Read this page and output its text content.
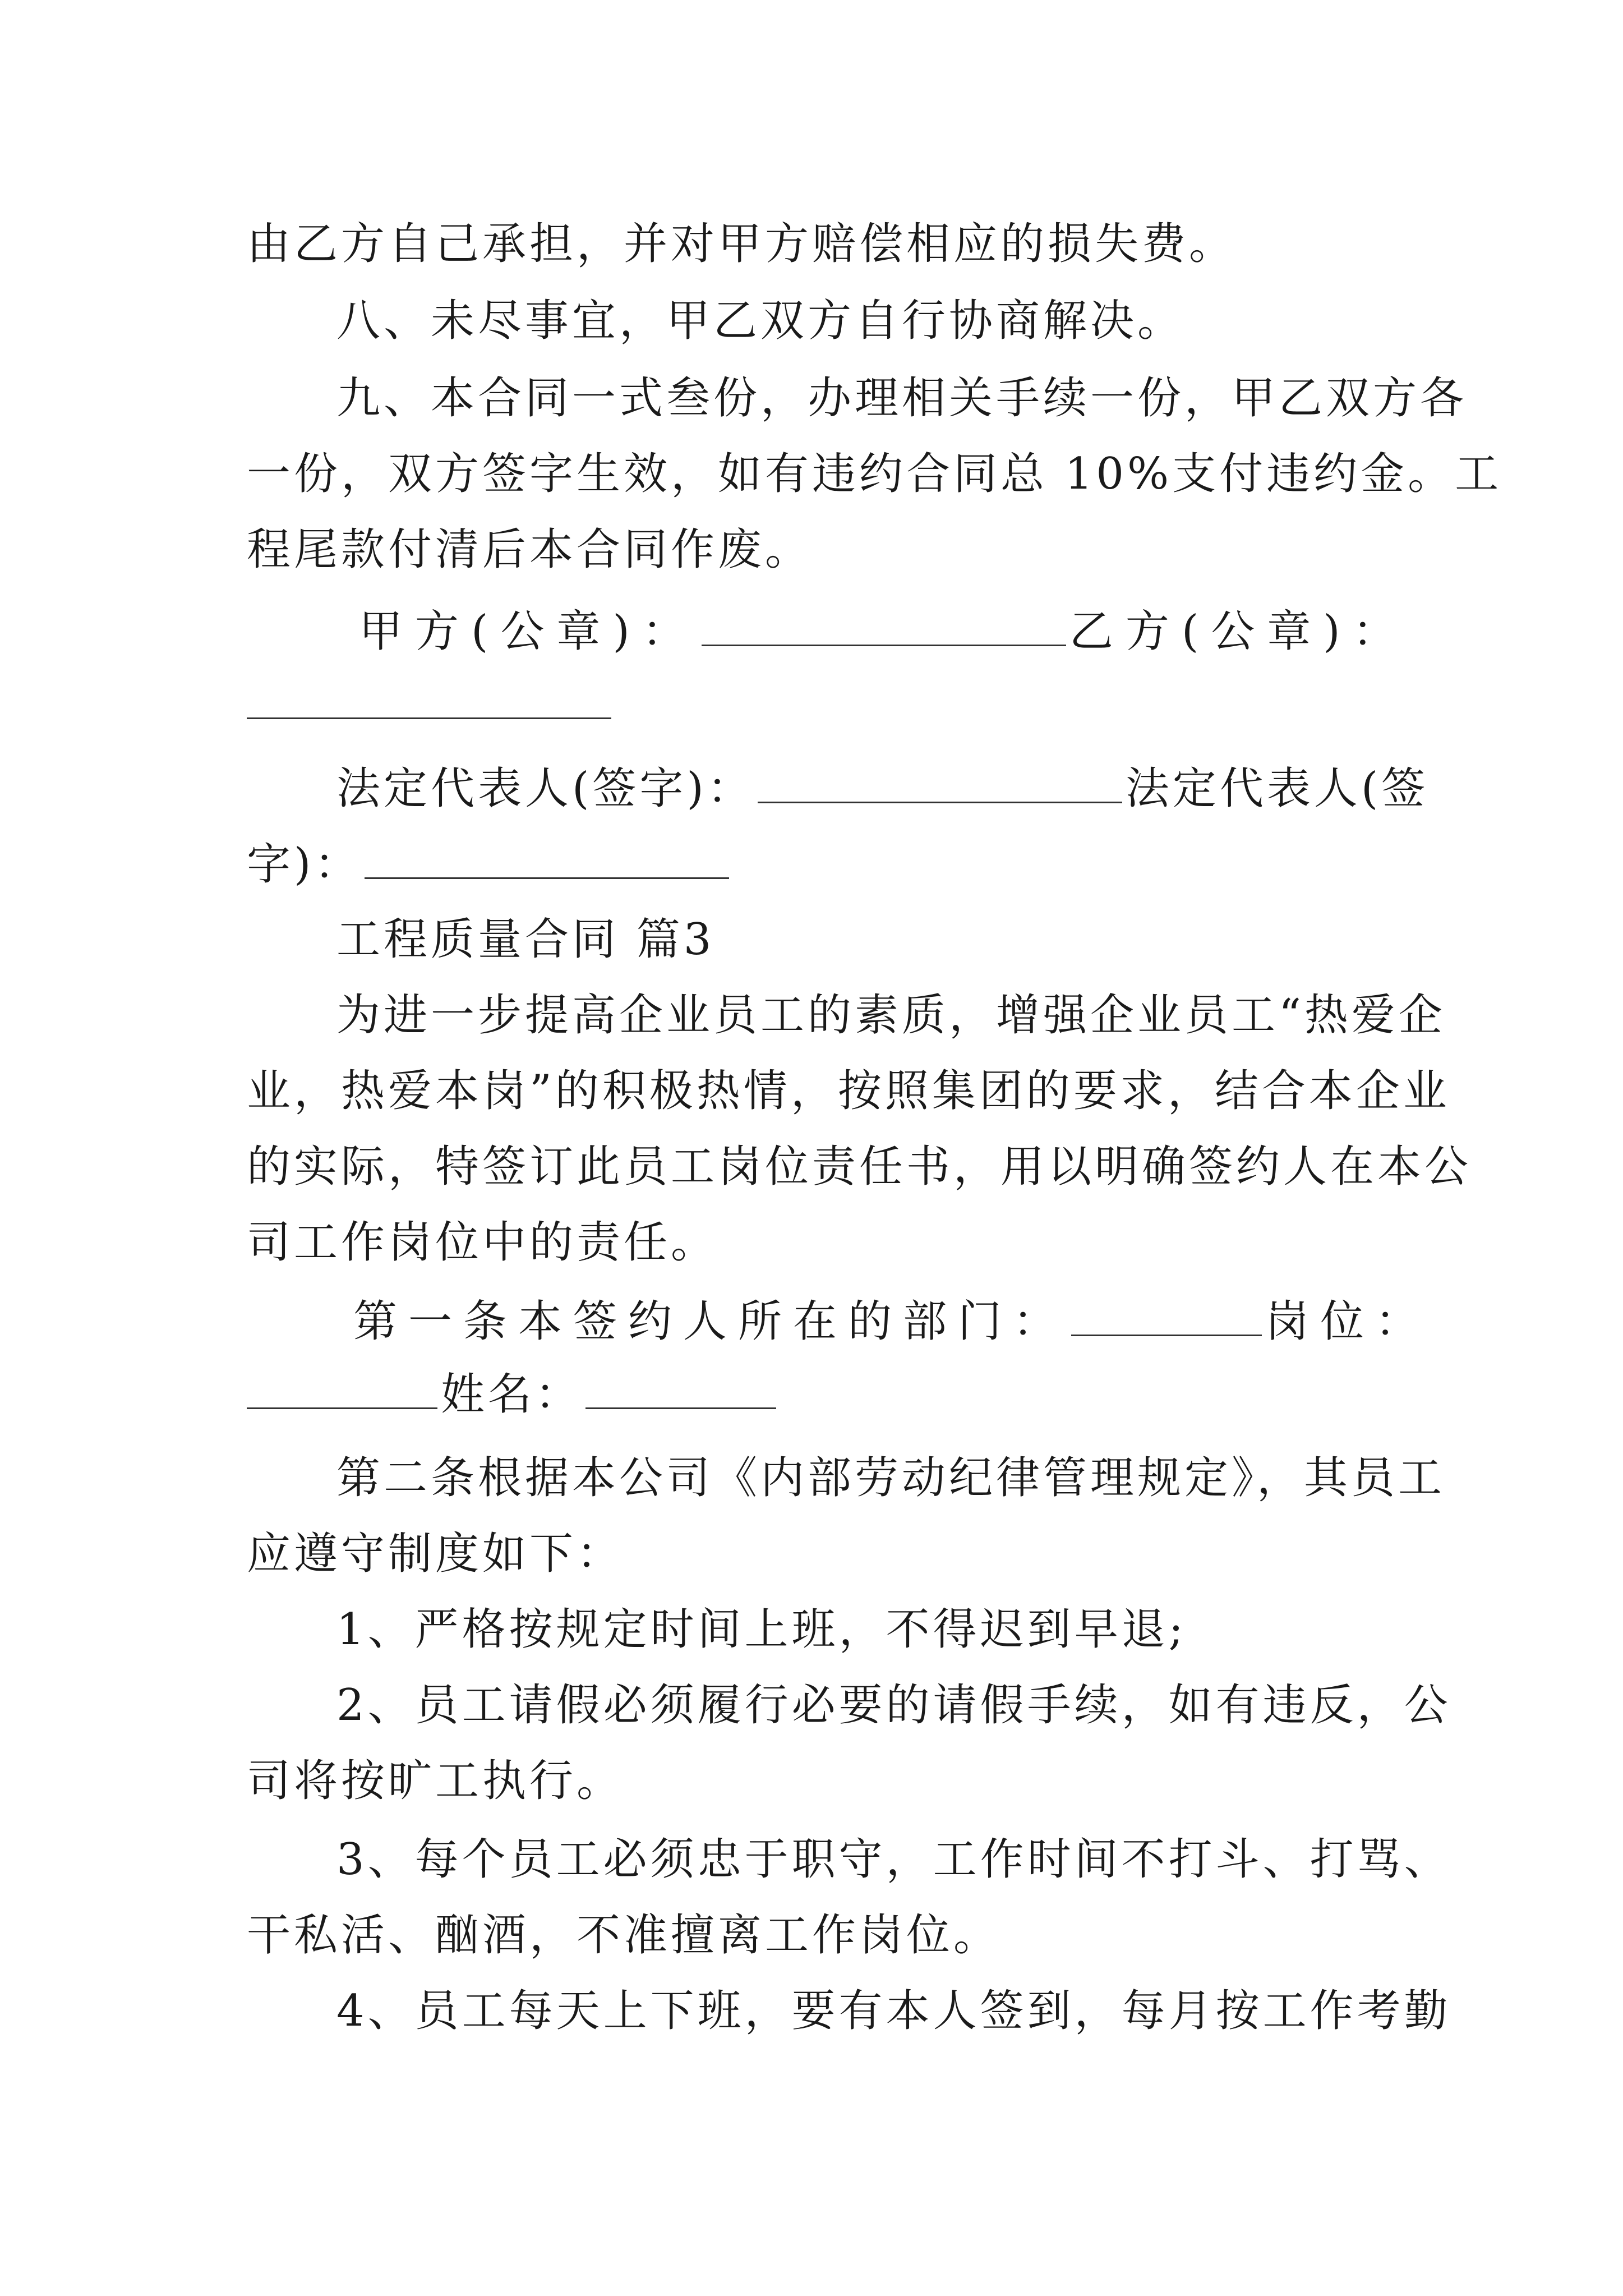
由乙方自己承担，并对甲方赔偿相应的损失费。
八、未尽事宜，甲乙双方自行协商解决。
九、本合同一式叁份，办理相关手续一份，甲乙双方各
一份，双方签字生效，如有违约合同总 10%支付违约金。工
程尾款付清后本合同作废。
甲方(公章)：	乙方(公章)：
法定代表人(签字)：	法定代表人(签
字)：
工程质量合同 篇3
为进一步提高企业员工的素质，增强企业员工“热爱企
业，热爱本岗”的积极热情，按照集团的要求，结合本企业
的实际，特签订此员工岗位责任书，用以明确签约人在本公
司工作岗位中的责任。
第一条本签约人所在的部门：	岗位：
姓名：
第二条根据本公司《内部劳动纪律管理规定》，其员工
应遵守制度如下：
1、严格按规定时间上班，不得迟到早退;
2、员工请假必须履行必要的请假手续，如有违反，公
司将按旷工执行。
3、每个员工必须忠于职守，工作时间不打斗、打骂、
干私活、酗酒，不准擅离工作岗位。
4、员工每天上下班，要有本人签到，每月按工作考勤
